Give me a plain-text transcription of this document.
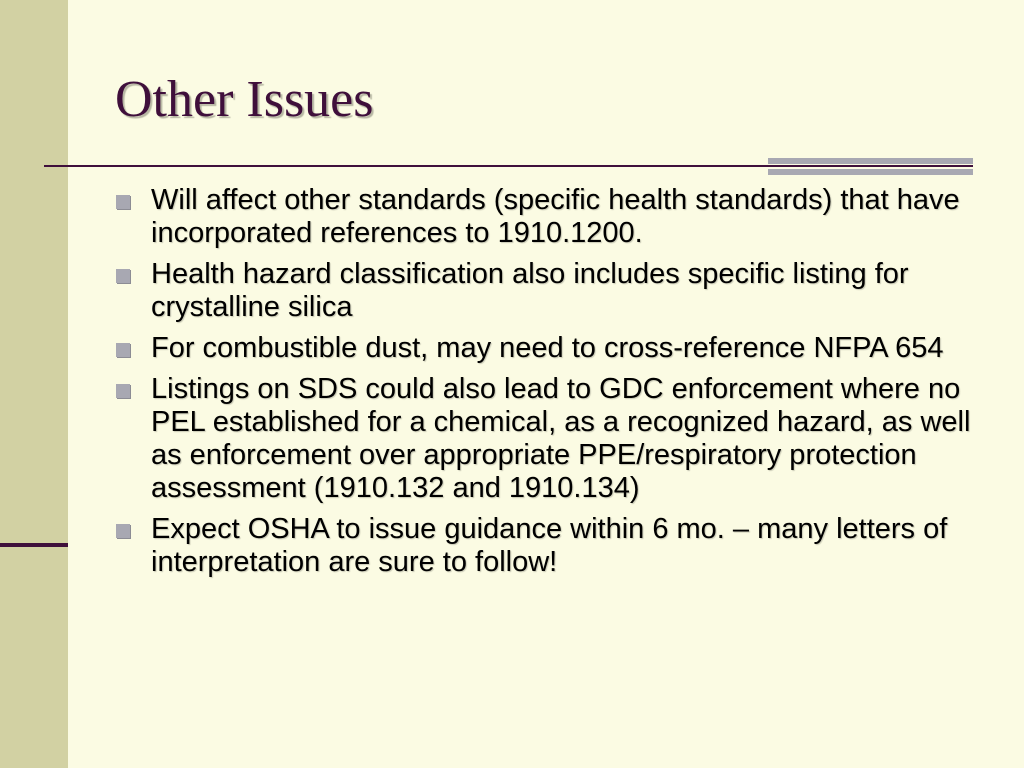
Other Issues
Will affect other standards (specific health standards) that have incorporated references to 1910.1200.
Health hazard classification also includes specific listing for crystalline silica
For combustible dust, may need to cross-reference NFPA 654
Listings on SDS could also lead to GDC enforcement where no PEL established for a chemical, as a recognized hazard, as well as enforcement over appropriate PPE/respiratory protection assessment (1910.132 and 1910.134)
Expect OSHA to issue guidance within 6 mo. – many letters of interpretation are sure to follow!
